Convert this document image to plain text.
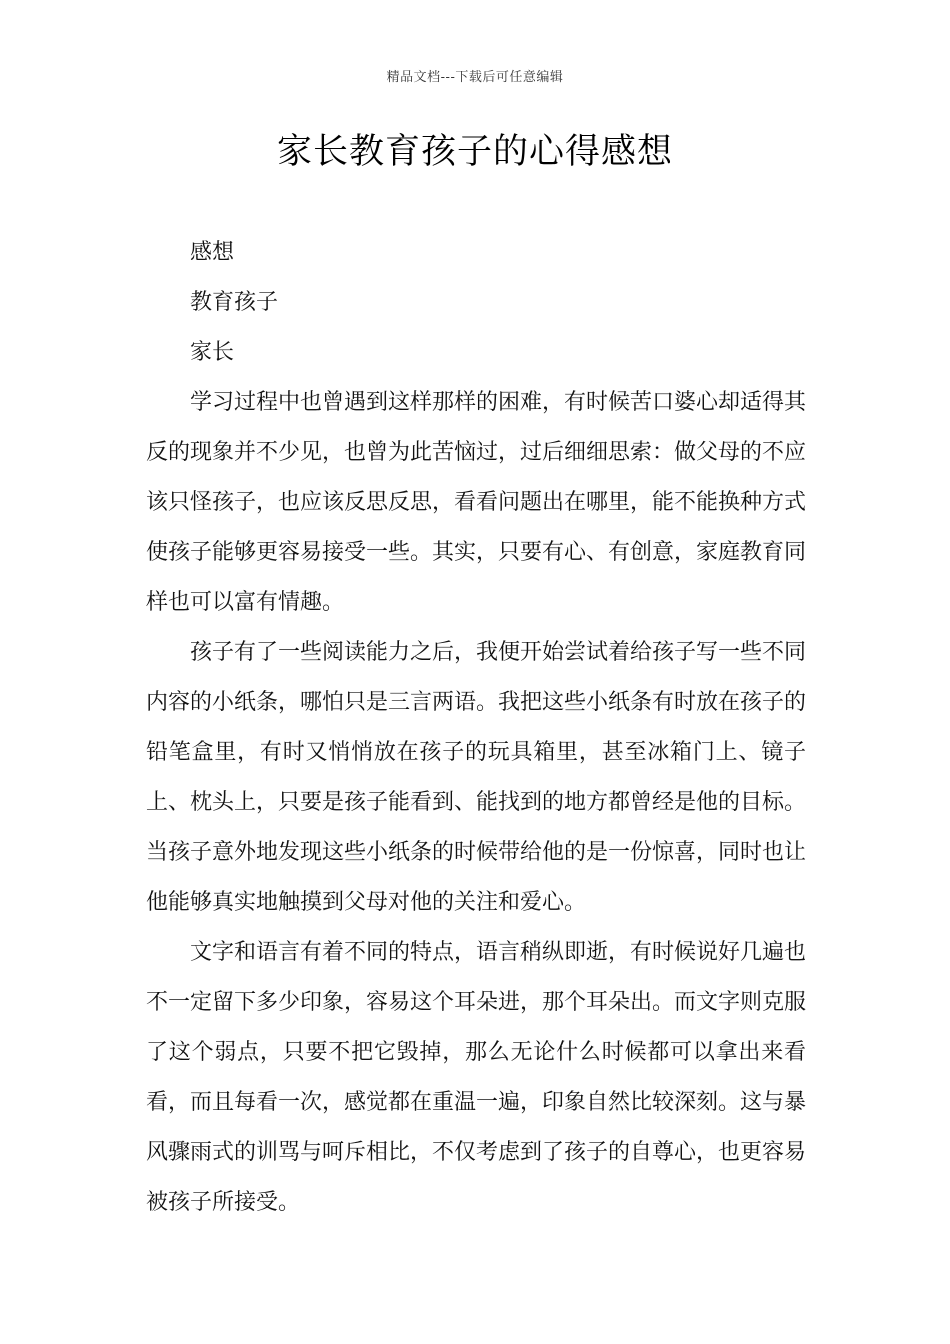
精品文档---下载后可任意编辑
家长教育孩子的心得感想

感想

教育孩子

家长

学习过程中也曾遇到这样那样的困难，有时候苦口婆心却适得其反的现象并不少见，也曾为此苦恼过，过后细细思索：做父母的不应该只怪孩子，也应该反思反思，看看问题出在哪里，能不能换种方式使孩子能够更容易接受一些。其实，只要有心、有创意，家庭教育同样也可以富有情趣。

孩子有了一些阅读能力之后，我便开始尝试着给孩子写一些不同内容的小纸条，哪怕只是三言两语。我把这些小纸条有时放在孩子的铅笔盒里，有时又悄悄放在孩子的玩具箱里，甚至冰箱门上、镜子上、枕头上，只要是孩子能看到、能找到的地方都曾经是他的目标。当孩子意外地发现这些小纸条的时候带给他的是一份惊喜，同时也让他能够真实地触摸到父母对他的关注和爱心。

文字和语言有着不同的特点，语言稍纵即逝，有时候说好几遍也不一定留下多少印象，容易这个耳朵进，那个耳朵出。而文字则克服了这个弱点，只要不把它毁掉，那么无论什么时候都可以拿出来看看，而且每看一次，感觉都在重温一遍，印象自然比较深刻。这与暴风骤雨式的训骂与呵斥相比，不仅考虑到了孩子的自尊心，也更容易被孩子所接受。
